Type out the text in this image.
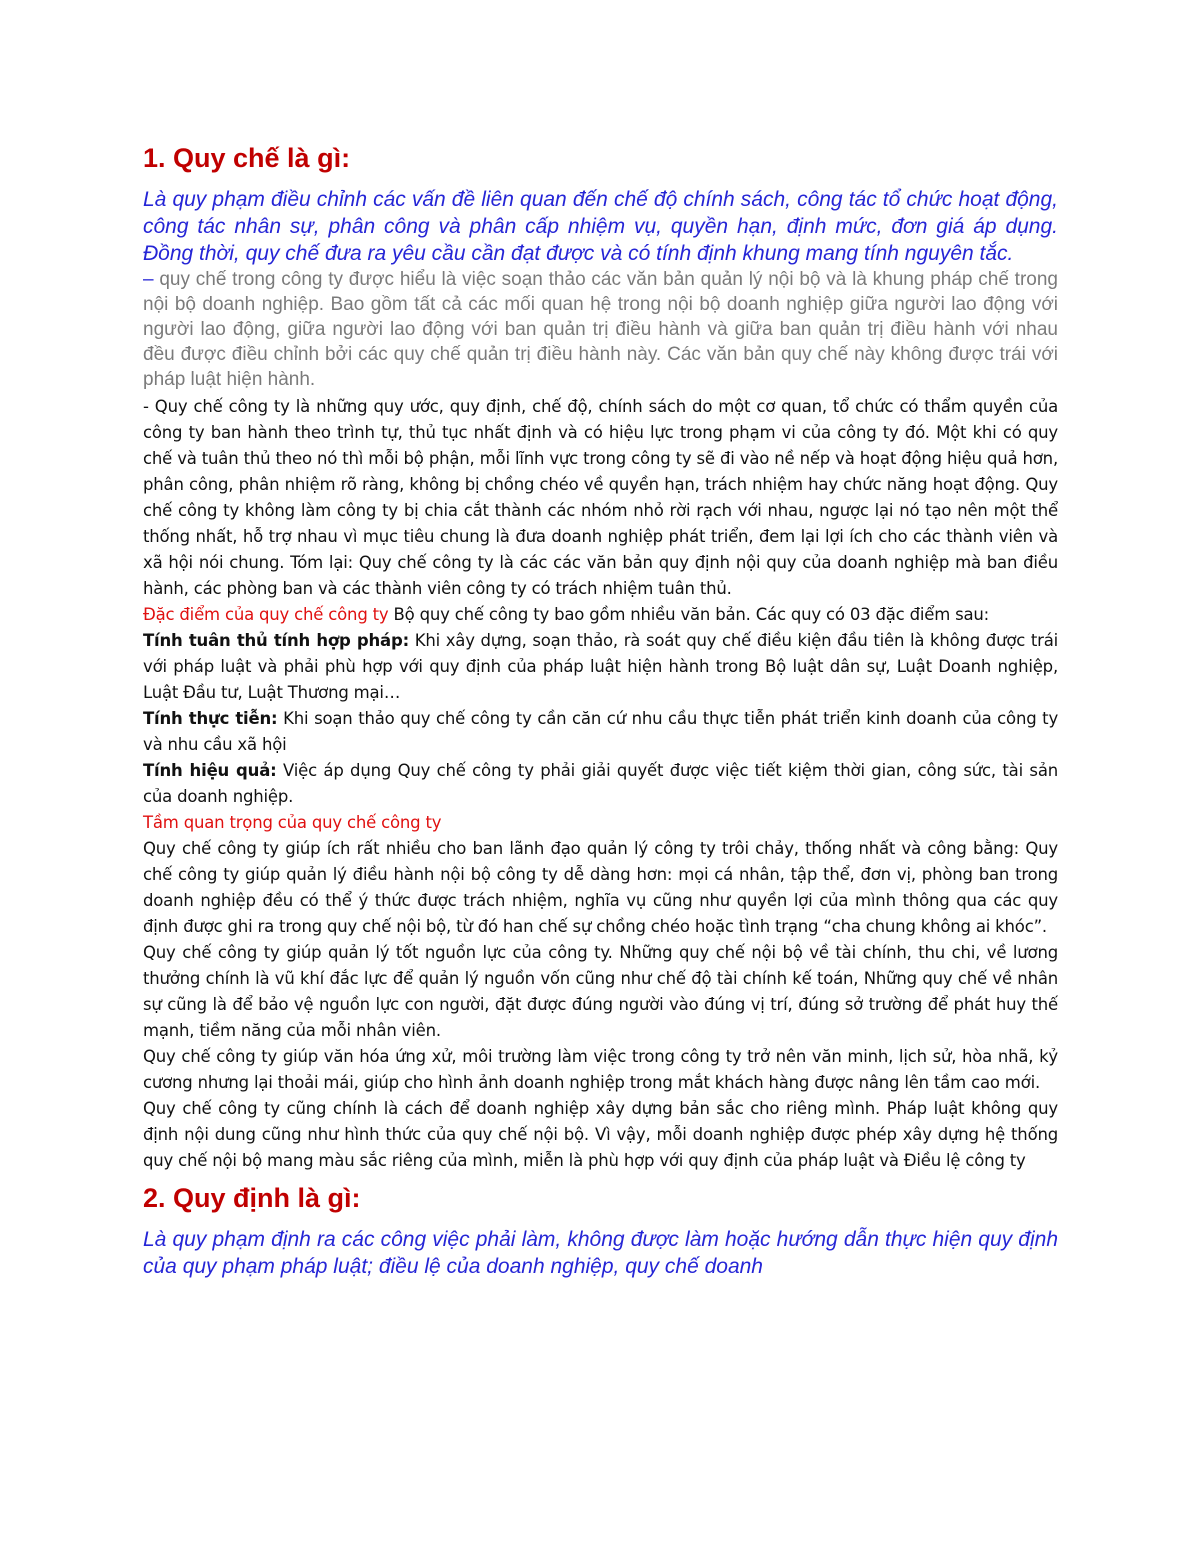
1. Quy chế là gì:

Là quy phạm điều chỉnh các vấn đề liên quan đến chế độ chính sách, công tác tổ chức hoạt động, công tác nhân sự, phân công và phân cấp nhiệm vụ, quyền hạn, định mức, đơn giá áp dụng. Đồng thời, quy chế đưa ra yêu cầu cần đạt được và có tính định khung mang tính nguyên tắc.

– quy chế trong công ty được hiểu là việc soạn thảo các văn bản quản lý nội bộ và là khung pháp chế trong nội bộ doanh nghiệp. Bao gồm tất cả các mối quan hệ trong nội bộ doanh nghiệp giữa người lao động với người lao động, giữa người lao động với ban quản trị điều hành và giữa ban quản trị điều hành với nhau đều được điều chỉnh bởi các quy chế quản trị điều hành này. Các văn bản quy chế này không được trái với pháp luật hiện hành.

- Quy chế công ty là những quy ước, quy định, chế độ, chính sách do một cơ quan, tổ chức có thẩm quyền của công ty ban hành theo trình tự, thủ tục nhất định và có hiệu lực trong phạm vi của công ty đó. Một khi có quy chế và tuân thủ theo nó thì mỗi bộ phận, mỗi lĩnh vực trong công ty sẽ đi vào nề nếp và hoạt động hiệu quả hơn, phân công, phân nhiệm rõ ràng, không bị chồng chéo về quyền hạn, trách nhiệm hay chức năng hoạt động. Quy chế công ty không làm công ty bị chia cắt thành các nhóm nhỏ rời rạch với nhau, ngược lại nó tạo nên một thể thống nhất, hỗ trợ nhau vì mục tiêu chung là đưa doanh nghiệp phát triển, đem lại lợi ích cho các thành viên và xã hội nói chung. Tóm lại: Quy chế công ty là các các văn bản quy định nội quy của doanh nghiệp mà ban điều hành, các phòng ban và các thành viên công ty có trách nhiệm tuân thủ.

Đặc điểm của quy chế công ty Bộ quy chế công ty bao gồm nhiều văn bản. Các quy có 03 đặc điểm sau:

Tính tuân thủ tính hợp pháp: Khi xây dựng, soạn thảo, rà soát quy chế điều kiện đầu tiên là không được trái với pháp luật và phải phù hợp với quy định của pháp luật hiện hành trong Bộ luật dân sự, Luật Doanh nghiệp, Luật Đầu tư, Luật Thương mại…

Tính thực tiễn: Khi soạn thảo quy chế công ty cần căn cứ nhu cầu thực tiễn phát triển kinh doanh của công ty và nhu cầu xã hội

Tính hiệu quả: Việc áp dụng Quy chế công ty phải giải quyết được việc tiết kiệm thời gian, công sức, tài sản của doanh nghiệp.

Tầm quan trọng của quy chế công ty

Quy chế công ty giúp ích rất nhiều cho ban lãnh đạo quản lý công ty trôi chảy, thống nhất và công bằng: Quy chế công ty giúp quản lý điều hành nội bộ công ty dễ dàng hơn: mọi cá nhân, tập thể, đơn vị, phòng ban trong doanh nghiệp đều có thể ý thức được trách nhiệm, nghĩa vụ cũng như quyền lợi của mình thông qua các quy định được ghi ra trong quy chế nội bộ, từ đó han chế sự chồng chéo hoặc tình trạng “cha chung không ai khóc”.

Quy chế công ty giúp quản lý tốt nguồn lực của công ty. Những quy chế nội bộ về tài chính, thu chi, về lương thưởng chính là vũ khí đắc lực để quản lý nguồn vốn cũng như chế độ tài chính kế toán, Những quy chế về nhân sự cũng là để bảo vệ nguồn lực con người, đặt được đúng người vào đúng vị trí, đúng sở trường để phát huy thế mạnh, tiềm năng của mỗi nhân viên.

Quy chế công ty giúp văn hóa ứng xử, môi trường làm việc trong công ty trở nên văn minh, lịch sử, hòa nhã, kỷ cương nhưng lại thoải mái, giúp cho hình ảnh doanh nghiệp trong mắt khách hàng được nâng lên tầm cao mới.

Quy chế công ty cũng chính là cách để doanh nghiệp xây dựng bản sắc cho riêng mình. Pháp luật không quy định nội dung cũng như hình thức của quy chế nội bộ. Vì vậy, mỗi doanh nghiệp được phép xây dựng hệ thống quy chế nội bộ mang màu sắc riêng của mình, miễn là phù hợp với quy định của pháp luật và Điều lệ công ty

2. Quy định là gì:

Là quy phạm định ra các công việc phải làm, không được làm hoặc hướng dẫn thực hiện quy định của quy phạm pháp luật; điều lệ của doanh nghiệp, quy chế doanh
